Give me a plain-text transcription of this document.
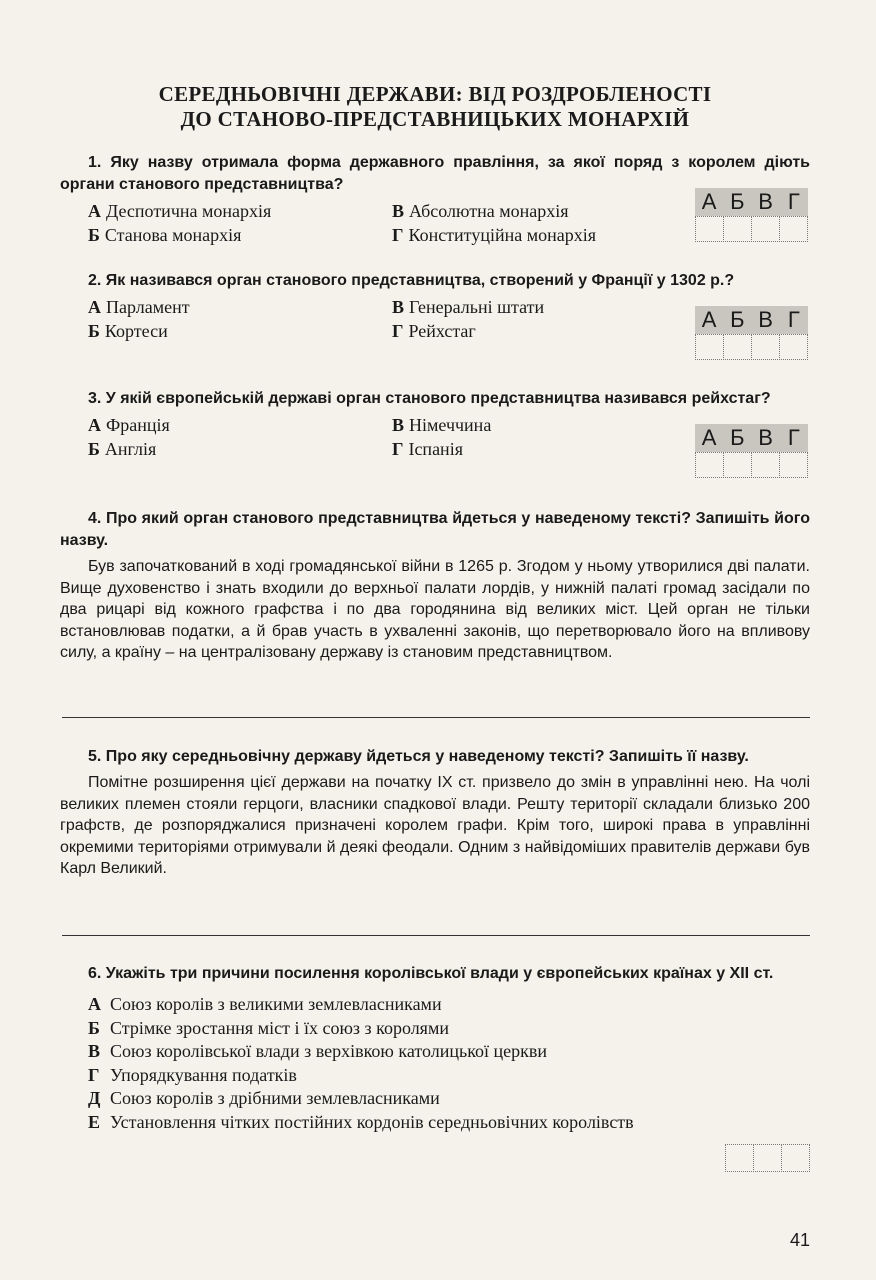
СЕРЕДНЬОВІЧНІ ДЕРЖАВИ: ВІД РОЗДРОБЛЕНОСТІ
ДО СТАНОВО-ПРЕДСТАВНИЦЬКИХ МОНАРХІЙ
1. Яку назву отримала форма державного правління, за якої поряд з королем діють органи станового представництва?
А Деспотична монархія
Б Станова монархія
В Абсолютна монархія
Г Конституційна монархія
А Б В Г
2. Як називався орган станового представництва, створений у Франції у 1302 р.?
А Парламент
Б Кортеси
В Генеральні штати
Г Рейхстаг	А Б В Г
3. У якій європейській державі орган станового представництва називався рейхстаг?
А Франція
Б Англія
В Німеччина
Г Іспанія	А Б В Г
4. Про який орган станового представництва йдеться у наведеному тексті? Запишіть його назву.
Був започаткований в ході громадянської війни в 1265 р. Згодом у ньому утворилися дві палати. Вище духовенство і знать входили до верхньої палати лордів, у нижній палаті громад засідали по два рицарі від кожного графства і по два городянина від великих міст. Цей орган не тільки встановлював податки, а й брав участь в ухваленні законів, що перетворювало його на впливову силу, а країну – на централізовану державу із становим представництвом.
5. Про яку середньовічну державу йдеться у наведеному тексті? Запишіть її назву.
Помітне розширення цієї держави на початку IX ст. призвело до змін в управлінні нею. На чолі великих племен стояли герцоги, власники спадкової влади. Решту території складали близько 200 графств, де розпоряджалися призначені королем графи. Крім того, широкі права в управлінні окремими територіями отримували й деякі феодали. Одним з найвідоміших правителів держави був Карл Великий.
6. Укажіть три причини посилення королівської влади у європейських країнах у XII ст.
А Союз королів з великими землевласниками
Б Стрімке зростання міст і їх союз з королями
В Союз королівської влади з верхівкою католицької церкви
Г Упорядкування податків
Д Союз королів з дрібними землевласниками
Е Установлення чітких постійних кордонів середньовічних королівств
41
